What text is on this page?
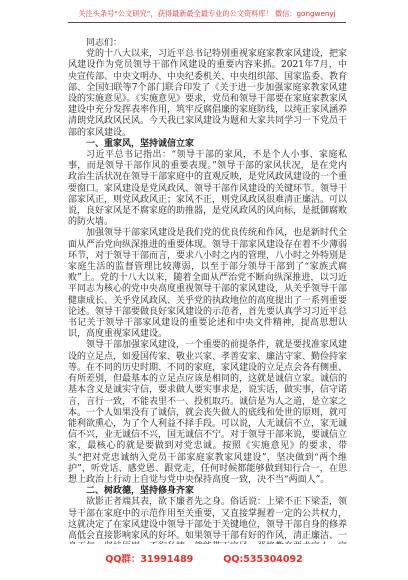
关注头条号“公文研究”，获得最新最全最专业的公文资料库！ 微信：gongwenyj

同志们：

党的十八大以来，习近平总书记特别重视家庭家教家风建设，把家风建设作为党员领导干部作风建设的重要内容来抓。2021年7月，中央宣传部、中央文明办、中央纪委机关、中央组织部、国家监委、教育部、全国妇联等7个部门联合印发了《关于进一步加强家庭家教家风建设的实施意见》。《实施意见》要求，党员和领导干部要在家庭家教家风建设中充分发挥表率作用，筑牢反腐倡廉的家庭防线，以纯正家风涵养清朗党风政风民风。今天我已家风建设为题和大家共同学习一下党员干部的家风建设。

一、重家风，坚持诚信立家

习近平总书记指出：“领导干部的家风，不是个人小事、家庭私事，而是领导干部作风的重要表现。”领导干部的家风状况，是在党内政治生活状况在领导干部家庭中的直观反映，是党风政风建设的一个重要窗口。家风建设是党风政风、领导干部作风建设的关键环节。领导干部家风正，则党风政风正；家风不正，则党风政风很难清正廉洁。可以说，良好家风是不腐家庭的助推器，是党风政风的风向标，是抵御腐败的防火墙。

加强领导干部家风建设是我们党的优良传统和作风，也是新时代全面从严治党向纵深推进的重要体现。领导干部家风建设存在着不少薄弱环节，对于领导干部而言，要求八小时之内的管理，八小时之外特别是家庭生活的监督管理比较薄弱，以至于部分领导干部到了“家族式腐败”上。党的十八大以来，随着全面从严治党不断向纵深推进，以习近平同志为核心的党中央高度重视领导干部的家风建设，从关乎领导干部健康成长、关乎党风政风、关乎党的执政地位的高度提出了一系列重要论述。领导干部要做良好家风建设的示范者，首先要认真学习习近平总书记关于领导干部家风建设的重要论述和中央文件精神，提高思想认识，高度重视家风建设。

领导干部加强家风建设，一个重要的前提条件，就是要找准家风建设的立足点，如爱国传家、敬业兴家、孝善安家、廉洁守家、勤俭持家等。在不同的历史时期、不同的家庭，家风建设的立足点会各有侧重、有所差别，但最基本的立足点应该是相同的，这就是诚信立家。诚信的基本含义是诚实守信，要求做人要实事求是，说实话，做实事，信守诺言，言行一致，不能表里不一、投机取巧。诚信是为人之道，是立家之本。一个人如果没有了诚信，就会丧失做人的底线和处世的原则，就可能利欲熏心，为了个人利益不择手段。可以说，人无诚信不立，家无诚信不兴，业无诚信不兴，国无诚信不宁。对于领导干部来说，要诚信立家，最核心的就是要做到对党忠诚。按照《实施意见》的要求，带头“把对党忠诚纳入党员干部家庭家教家风建设”，坚决做到“两个维护”，听党话、感党恩、跟党走，任何时候都能够做到知行合一，在思想上政治上行动上自觉与党中央保持高度一致，决不当“两面人”。

二、树政德，坚持修身齐家

欲影正者端其表，欲下廉者先之身。俗话说：上梁不正下梁歪，领导干部在家庭中的示范作用至关重要，又直接掌握着一定的公共权力，这就决定了在家风建设中领导干部处于关键地位，领导干部自身的修养高低会直接影响家风的好坏。如果领导干部有好的作风，清正廉洁、一

QQ群：31991489	QQ:535304092
